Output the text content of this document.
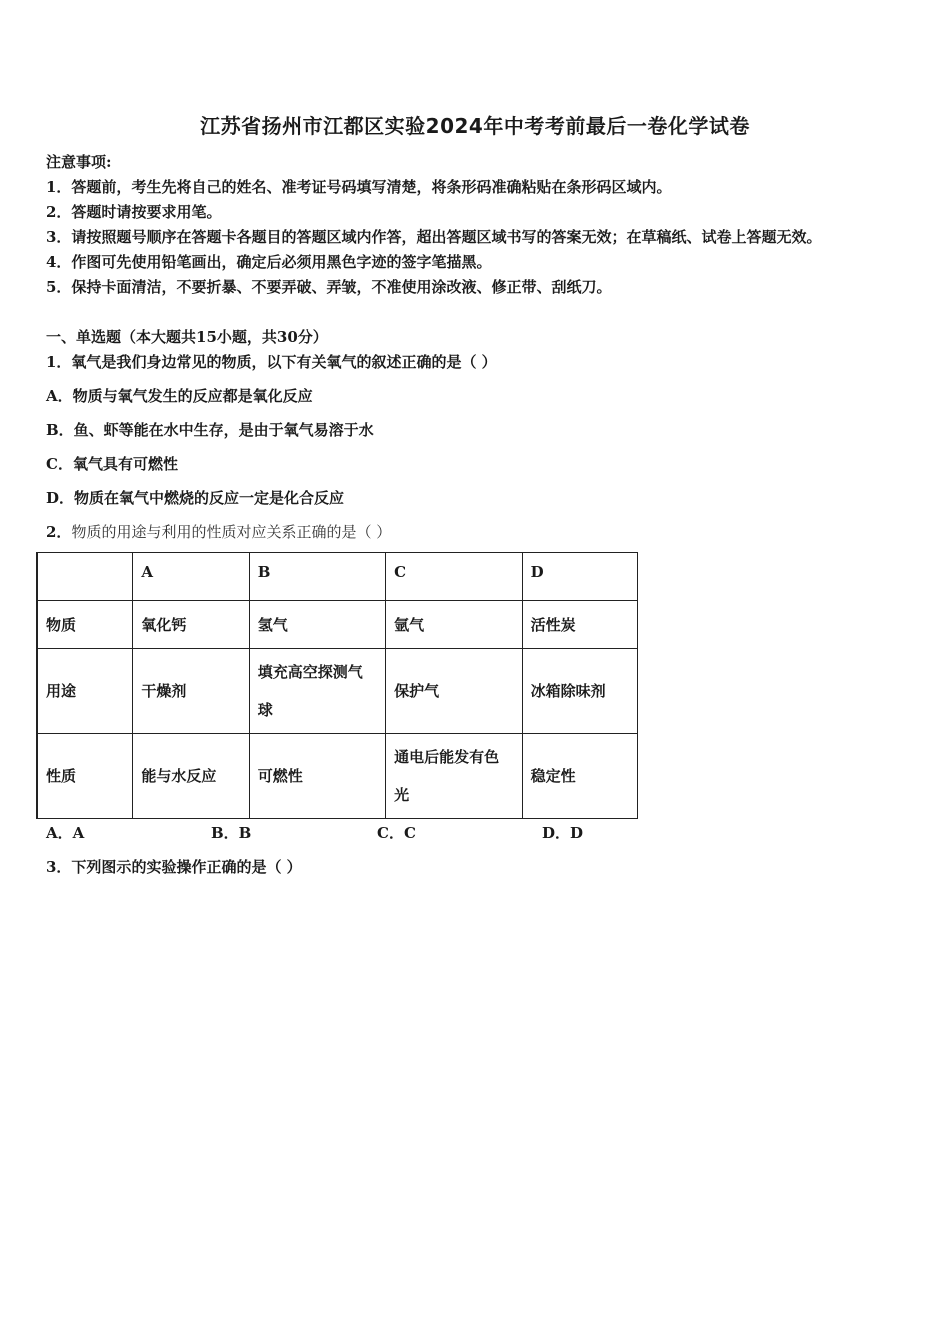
江苏省扬州市江都区实验2024年中考考前最后一卷化学试卷
注意事项:
1．答题前，考生先将自己的姓名、准考证号码填写清楚，将条形码准确粘贴在条形码区域内。
2．答题时请按要求用笔。
3．请按照题号顺序在答题卡各题目的答题区域内作答，超出答题区域书写的答案无效；在草稿纸、试卷上答题无效。
4．作图可先使用铅笔画出，确定后必须用黑色字迹的签字笔描黑。
5．保持卡面清洁，不要折暴、不要弄破、弄皱，不准使用涂改液、修正带、刮纸刀。
一、单选题（本大题共15小题，共30分）
1．氧气是我们身边常见的物质，以下有关氧气的叙述正确的是（ ）
A．物质与氧气发生的反应都是氧化反应
B．鱼、虾等能在水中生存，是由于氧气易溶于水
C．氧气具有可燃性
D．物质在氧气中燃烧的反应一定是化合反应
2．物质的用途与利用的性质对应关系正确的是（ ）
	A	B	C	D
物质	氧化钙	氢气	氩气	活性炭
用途	干燥剂	填充高空探测气球	保护气	冰箱除味剂
性质	能与水反应	可燃性	通电后能发有色光	稳定性
A．A	B．B	C．C	D．D
3．下列图示的实验操作正确的是（ ）
